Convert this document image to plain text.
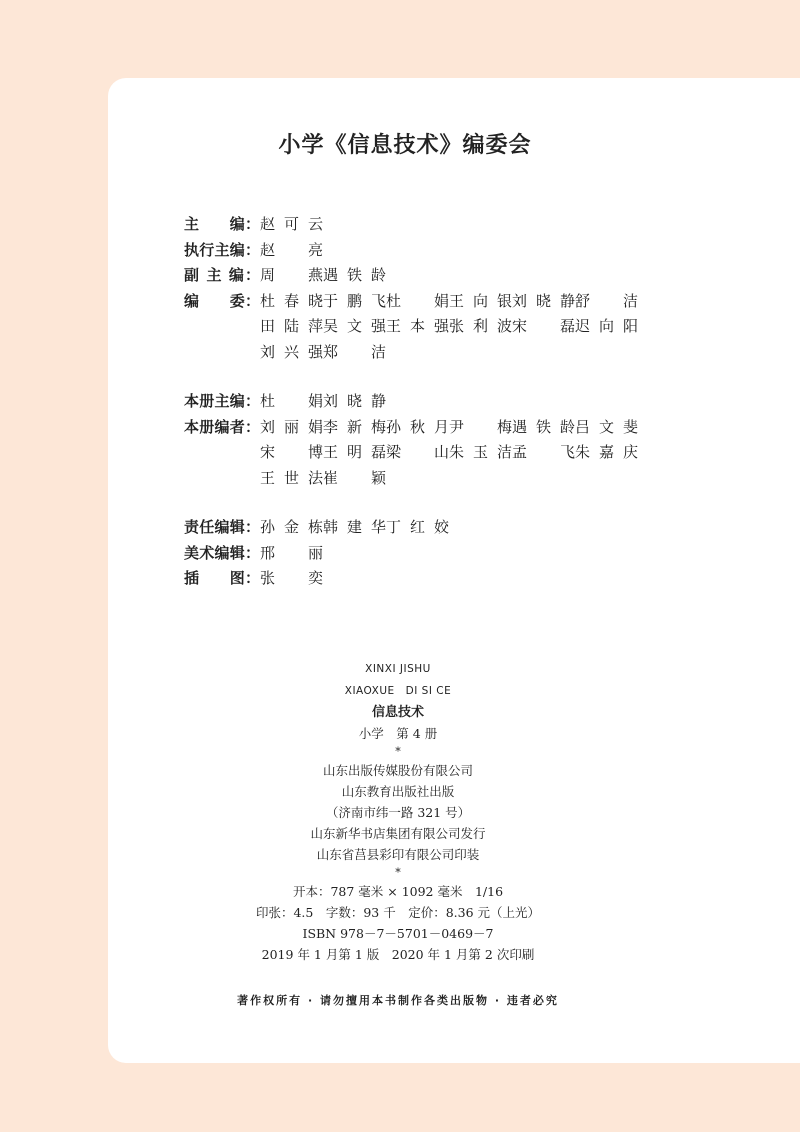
小学《信息技术》编委会
主　　编： 赵可云
执行主编： 赵　亮
副 主 编： 周　燕 遇铁龄
编　　委： 杜春晓 于鹏飞 杜　娟 王向银 刘晓静 舒　洁
田陆萍 吴文强 王本强 张利波 宋　磊 迟向阳
刘兴强 郑　洁
本册主编： 杜　娟 刘晓静
本册编者： 刘丽娟 李新梅 孙秋月 尹　梅 遇铁龄 吕文斐
宋　博 王明磊 梁　山 朱玉洁 孟　飞 朱嘉庆
王世法 崔　颖
责任编辑： 孙金栋 韩建华 丁红姣
美术编辑： 邢　丽
插　　图： 张　奕
XINXI JISHU
XIAOXUE　DI SI CE
信息技术
小学　第 4 册
*
山东出版传媒股份有限公司
山东教育出版社出版
（济南市纬一路 321 号）
山东新华书店集团有限公司发行
山东省莒县彩印有限公司印装
*
开本：787 毫米 × 1092 毫米　1/16
印张：4.5　字数：93 千　定价：8.36 元（上光）
ISBN 978－7－5701－0469－7
2019 年 1 月第 1 版　2020 年 1 月第 2 次印刷
著作权所有 · 请勿擅用本书制作各类出版物 · 违者必究
